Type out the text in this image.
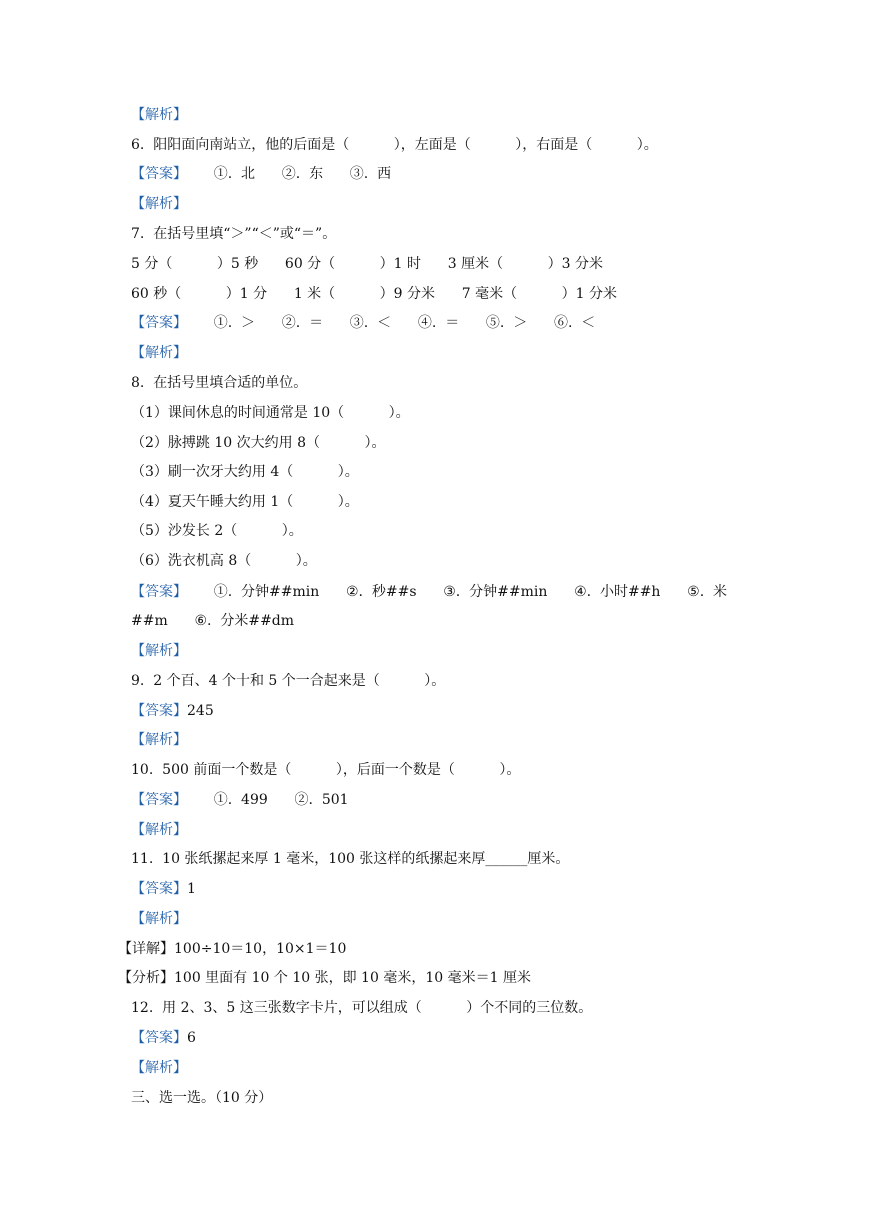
【解析】
6.  阳阳面向南站立，他的后面是（          ），左面是（          ），右面是（          ）。
【答案】      ①.  北      ②.  东      ③.  西
【解析】
7.  在括号里填“＞”“＜”或“＝”。
5 分（          ）5 秒      60 分（          ）1 时      3 厘米（          ）3 分米
60 秒（          ）1 分      1 米（          ）9 分米      7 毫米（          ）1 分米
【答案】      ①.  ＞      ②.  ＝      ③.  ＜      ④.  ＝      ⑤.  ＞      ⑥.  ＜
【解析】
8.  在括号里填合适的单位。
（1）课间休息的时间通常是 10（          ）。
（2）脉搏跳 10 次大约用 8（          ）。
（3）刷一次牙大约用 4（          ）。
（4）夏天午睡大约用 1（          ）。
（5）沙发长 2（          ）。
（6）洗衣机高 8（          ）。
【答案】      ①.  分钟##min      ②.  秒##s      ③.  分钟##min      ④.  小时##h      ⑤.  米
##m      ⑥.  分米##dm
【解析】
9.  2 个百、4 个十和 5 个一合起来是（          ）。
【答案】245
【解析】
10.  500 前面一个数是（          ），后面一个数是（          ）。
【答案】      ①.  499      ②.  501
【解析】
11.  10 张纸摞起来厚 1 毫米，100 张这样的纸摞起来厚______厘米。
【答案】1
【解析】
【详解】100÷10＝10，10×1＝10
【分析】100 里面有 10 个 10 张，即 10 毫米，10 毫米＝1 厘米
12.  用 2、3、5 这三张数字卡片，可以组成（          ）个不同的三位数。
【答案】6
【解析】
三、选一选。（10 分）
